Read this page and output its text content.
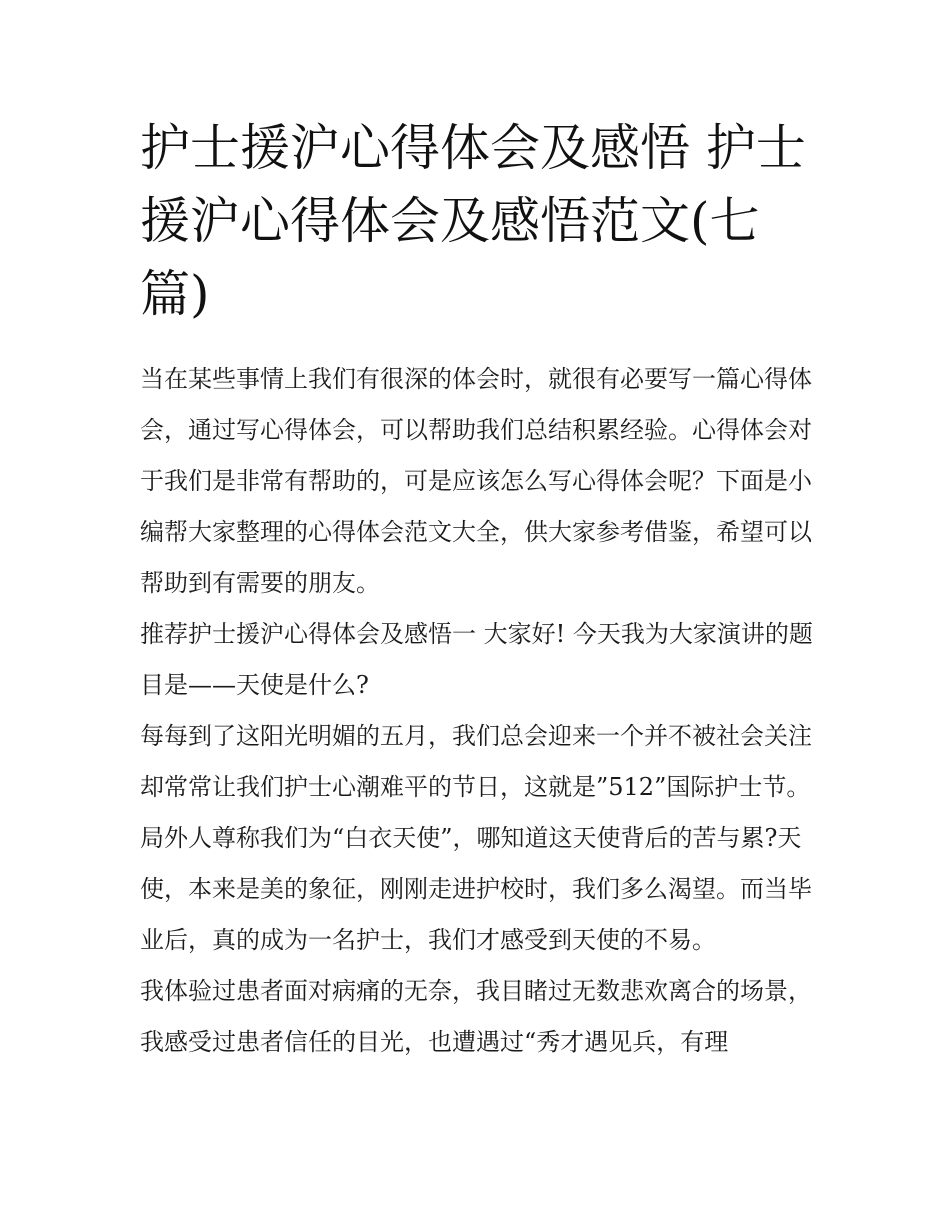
护士援沪心得体会及感悟 护士援沪心得体会及感悟范文(七篇)

当在某些事情上我们有很深的体会时，就很有必要写一篇心得体会，通过写心得体会，可以帮助我们总结积累经验。心得体会对于我们是非常有帮助的，可是应该怎么写心得体会呢？下面是小编帮大家整理的心得体会范文大全，供大家参考借鉴，希望可以帮助到有需要的朋友。

推荐护士援沪心得体会及感悟一 大家好! 今天我为大家演讲的题目是——天使是什么?

每每到了这阳光明媚的五月，我们总会迎来一个并不被社会关注却常常让我们护士心潮难平的节日，这就是”512”国际护士节。局外人尊称我们为“白衣天使”，哪知道这天使背后的苦与累?天使，本来是美的象征，刚刚走进护校时，我们多么渴望。而当毕业后，真的成为一名护士，我们才感受到天使的不易。

我体验过患者面对病痛的无奈，我目睹过无数悲欢离合的场景，我感受过患者信任的目光，也遭遇过“秀才遇见兵，有理
